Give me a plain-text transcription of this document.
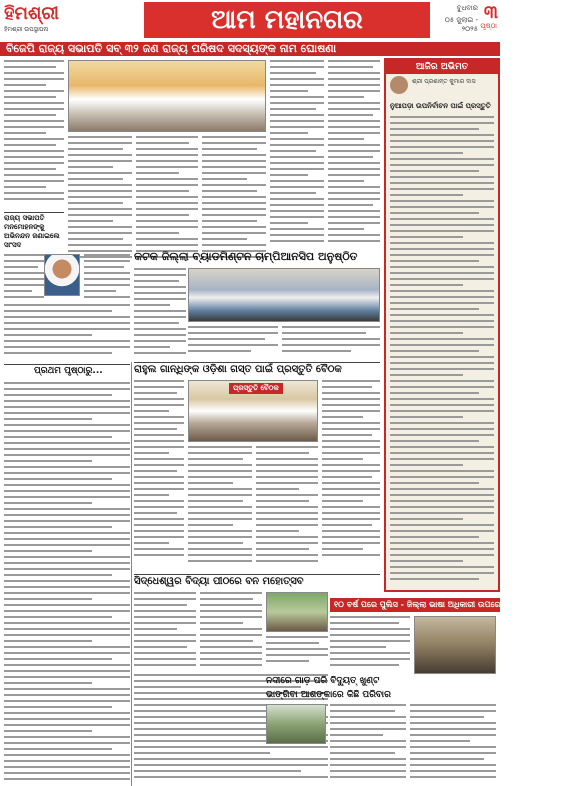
ହିମଶ୍ରୀ
ହିମଶ୍ରୀ ଉପସ୍ଥାପନା	ଆମ ମହାନଗର	ବୁଧବାର
୦୫ ଜୁଲାଇ - ୨୦୨୫ ପୃଷ୍ଠା
୩
ବିଜେପି ରାଜ୍ୟ ସଭାପତି ସବ୍ ୩୨ ଜଣ ରାଜ୍ୟ ପରିଷଦ ସଦସ୍ୟଙ୍କ ନାମ ଘୋଷଣା
ରାଜ୍ୟ ସଭାପତି ମନମୋହନଙ୍କୁ ଅଭିନନ୍ଦନ ଜଣାଇଲେ ସାଂସଦ
କଟକ ଜିଲ୍ଲା ବ୍ୟାଡମିଣ୍ଟନ ଚାମ୍ପିଆନସିପ ଅନୁଷ୍ଠିତ
ରାହୁଲ ଗାନ୍ଧିଙ୍କ ଓଡ଼ିଶା ଗସ୍ତ ପାଇଁ ପ୍ରସ୍ତୁତି ବୈଠକ
ପ୍ରସ୍ତୁତି ବୈଠକ
ପ୍ରଥମ ପୃଷ୍ଠାରୁ...
ସିଦ୍ଧେଶ୍ୱର ବିଦ୍ୟା ପୀଠରେ ବନ ମହୋତ୍ସବ
ନଦୀରେ ଗାଡ଼ ପରି ବିଦ୍ୟୁତ୍ ଖୁଣ୍ଟ
ଭାଙ୍ଗିବା ଆଶଙ୍କାରେ କିଛି ପରିବାର
ଆଜିର ଅଭିମତ
ଶ୍ରୀ ପ୍ରଶାନ୍ତ କୁମାର ଦାସ
ନୁଆପଡ଼ା ଉପନିର୍ବାଚନ ପାଇଁ ପ୍ରସ୍ତୁତି
୧୦ ବର୍ଷ ପରେ ପୁଲିସ - ଜିଲ୍ଲା ଭାଷା ଅଧିକାରୀ ଉପରେ ଜନକଲାର ଉଦ୍ବେଗ
